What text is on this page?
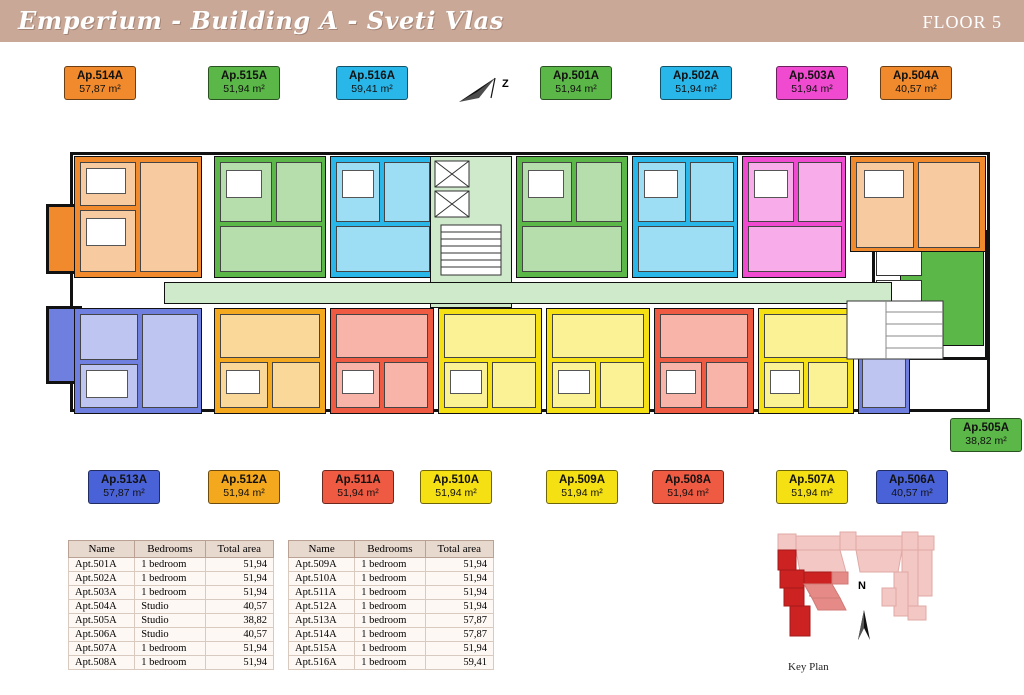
Emperium - Building A - Sveti Vlas	FLOOR 5
Z
Ap.514A
57,87 m²
Ap.515A
51,94 m²
Ap.516A
59,41 m²
Ap.501A
51,94 m²
Ap.502A
51,94 m²
Ap.503A
51,94 m²
Ap.504A
40,57 m²
Ap.513A
57,87 m²
Ap.512A
51,94 m²
Ap.511A
51,94 m²
Ap.510A
51,94 m²
Ap.509A
51,94 m²
Ap.508A
51,94 m²
Ap.507A
51,94 m²
Ap.506A
40,57 m²
Ap.505A
38,82 m²
Name	Bedrooms	Total area
Apt.501A	1 bedroom	51,94
Apt.502A	1 bedroom	51,94
Apt.503A	1 bedroom	51,94
Apt.504A	Studio	40,57
Apt.505A	Studio	38,82
Apt.506A	Studio	40,57
Apt.507A	1 bedroom	51,94
Apt.508A	1 bedroom	51,94
Name	Bedrooms	Total area
Apt.509A	1 bedroom	51,94
Apt.510A	1 bedroom	51,94
Apt.511A	1 bedroom	51,94
Apt.512A	1 bedroom	51,94
Apt.513A	1 bedroom	57,87
Apt.514A	1 bedroom	57,87
Apt.515A	1 bedroom	51,94
Apt.516A	1 bedroom	59,41
N
Key Plan
